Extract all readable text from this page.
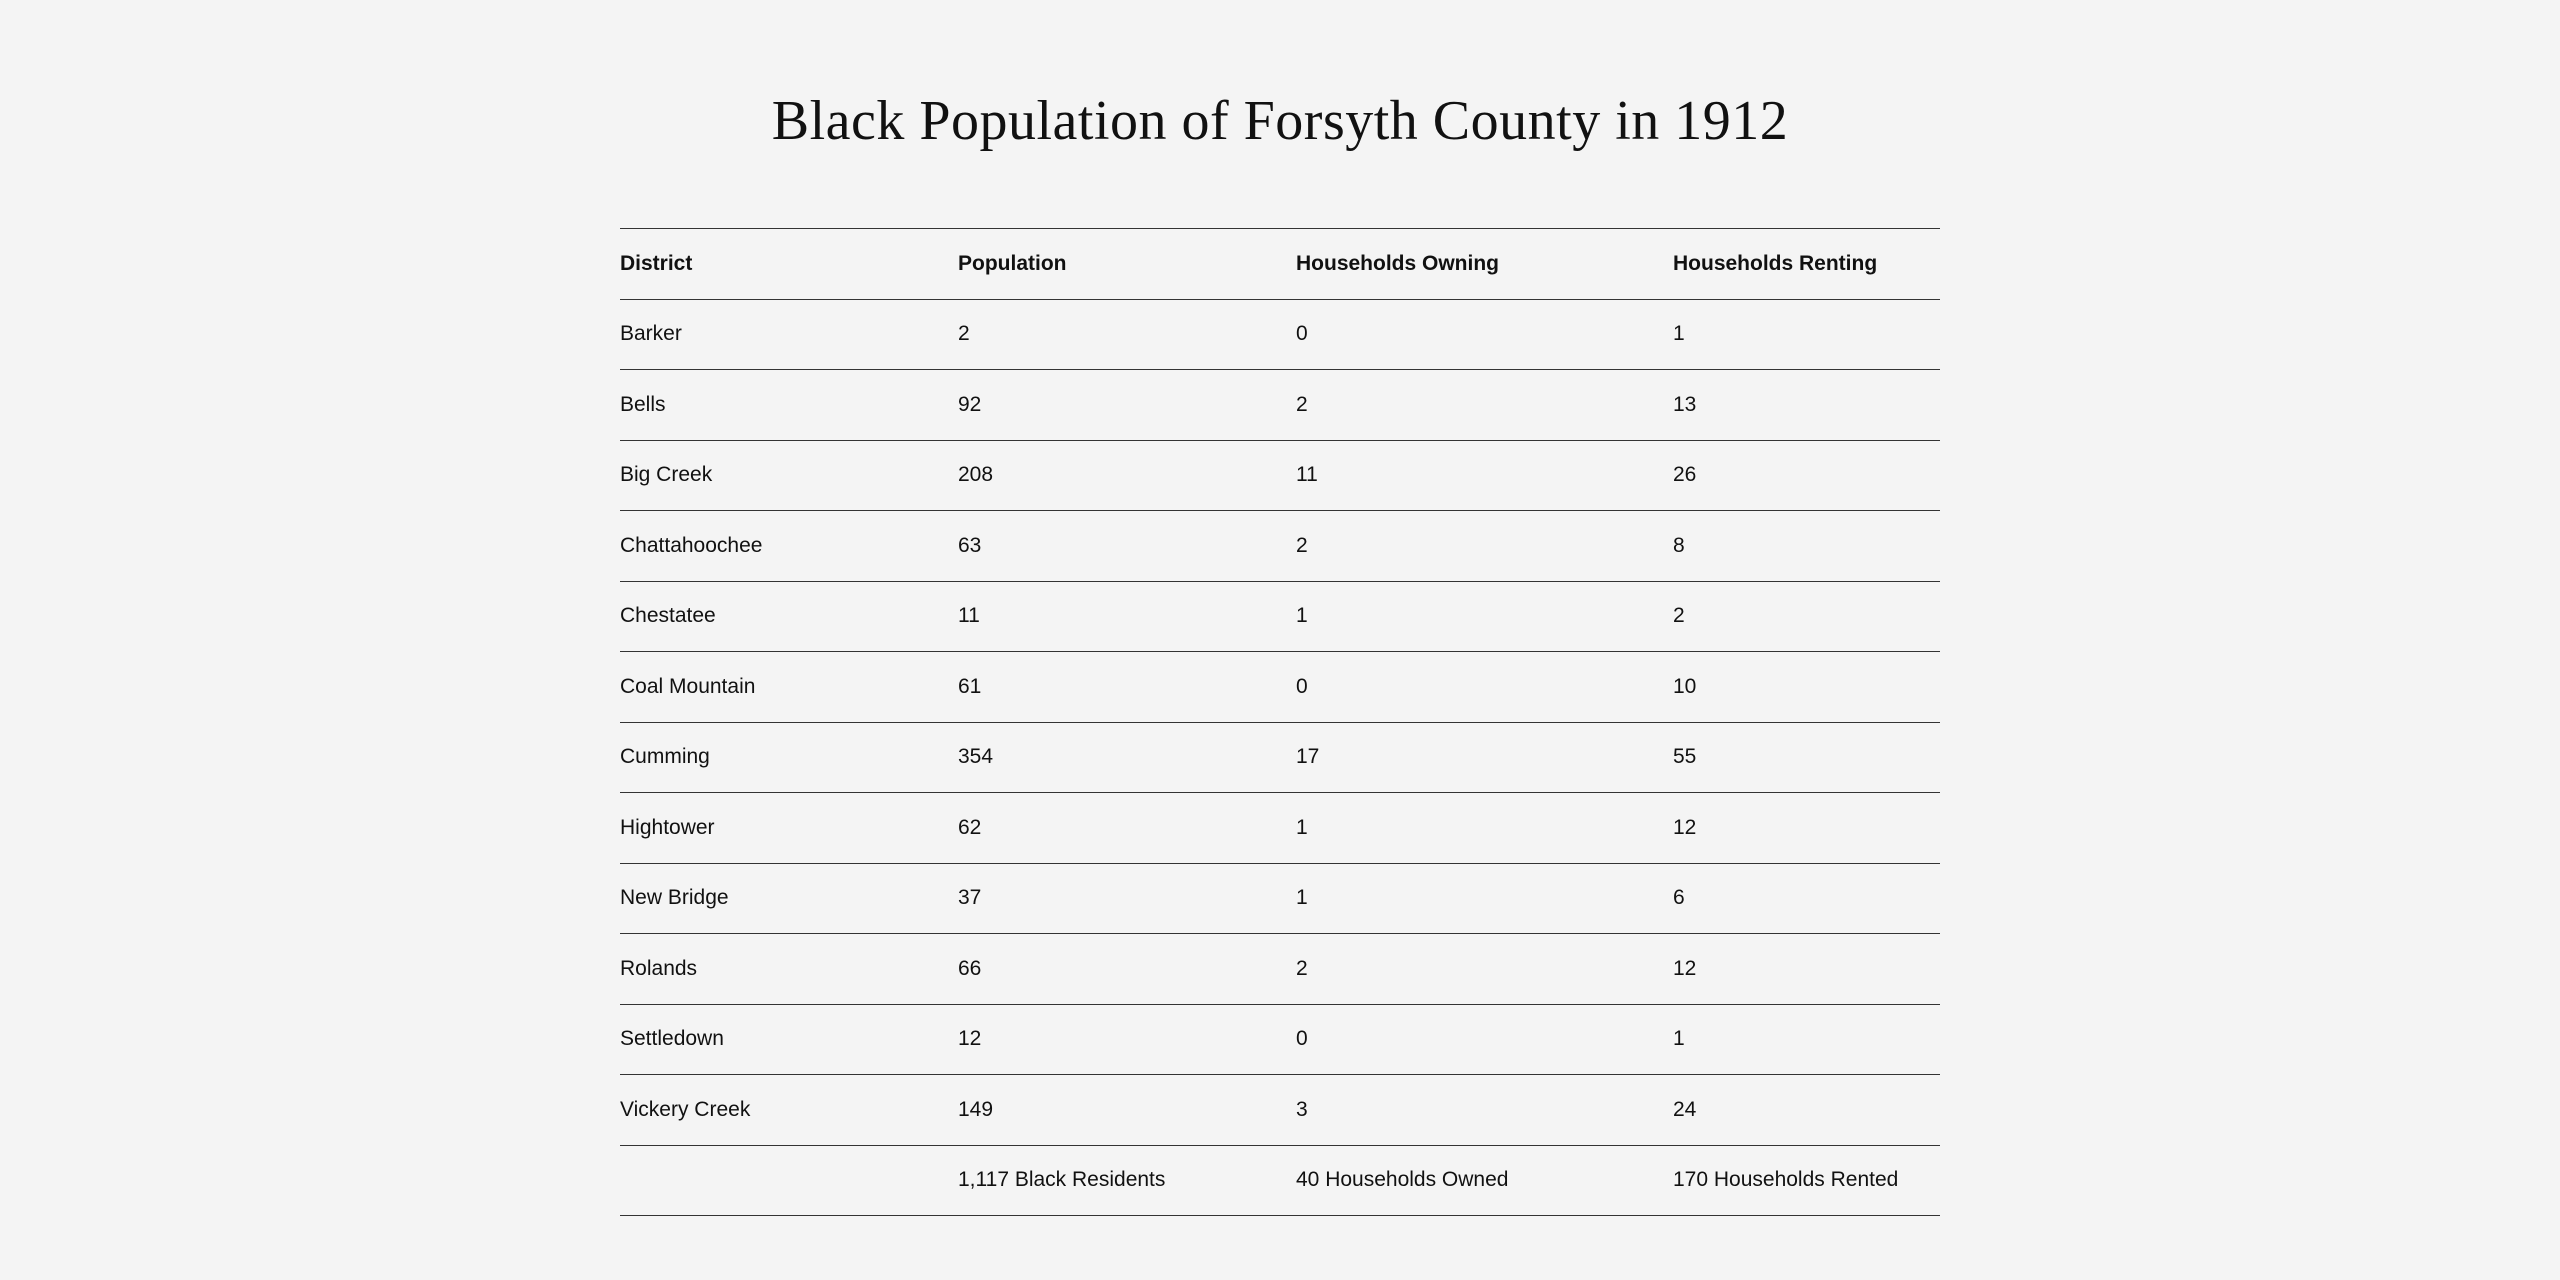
Black Population of Forsyth County in 1912
District	Population	Households Owning	Households Renting
Barker	2	0	1
Bells	92	2	13
Big Creek	208	11	26
Chattahoochee	63	2	8
Chestatee	11	1	2
Coal Mountain	61	0	10
Cumming	354	17	55
Hightower	62	1	12
New Bridge	37	1	6
Rolands	66	2	12
Settledown	12	0	1
Vickery Creek	149	3	24
	1,117 Black Residents	40 Households Owned	170 Households Rented
